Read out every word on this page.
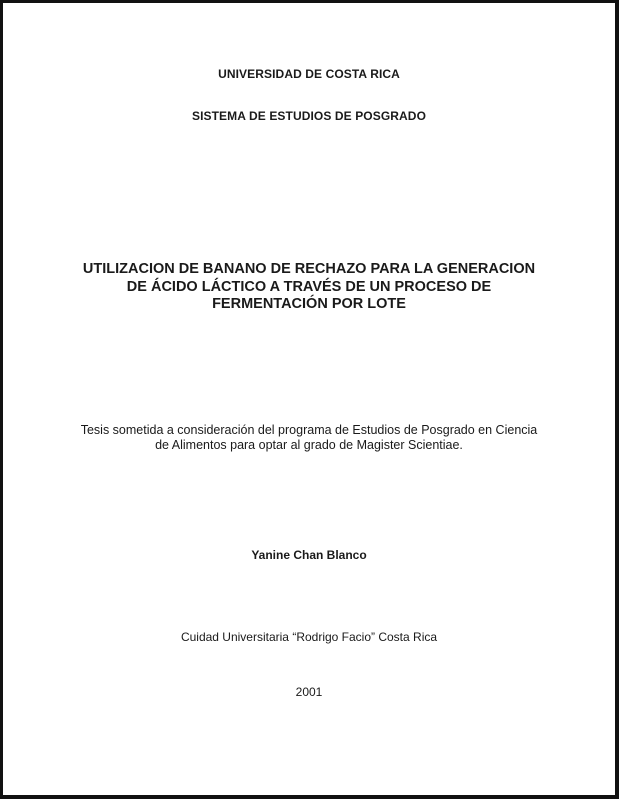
UNIVERSIDAD DE COSTA RICA
SISTEMA DE ESTUDIOS DE POSGRADO
UTILIZACION DE BANANO DE RECHAZO PARA LA GENERACION
DE ÁCIDO LÁCTICO A TRAVÉS DE UN PROCESO DE
FERMENTACIÓN POR LOTE
Tesis sometida a consideración del programa de Estudios de Posgrado en Ciencia
de Alimentos para optar al grado de Magister Scientiae.
Yanine Chan Blanco
Cuidad Universitaria “Rodrigo Facio” Costa Rica
2001
